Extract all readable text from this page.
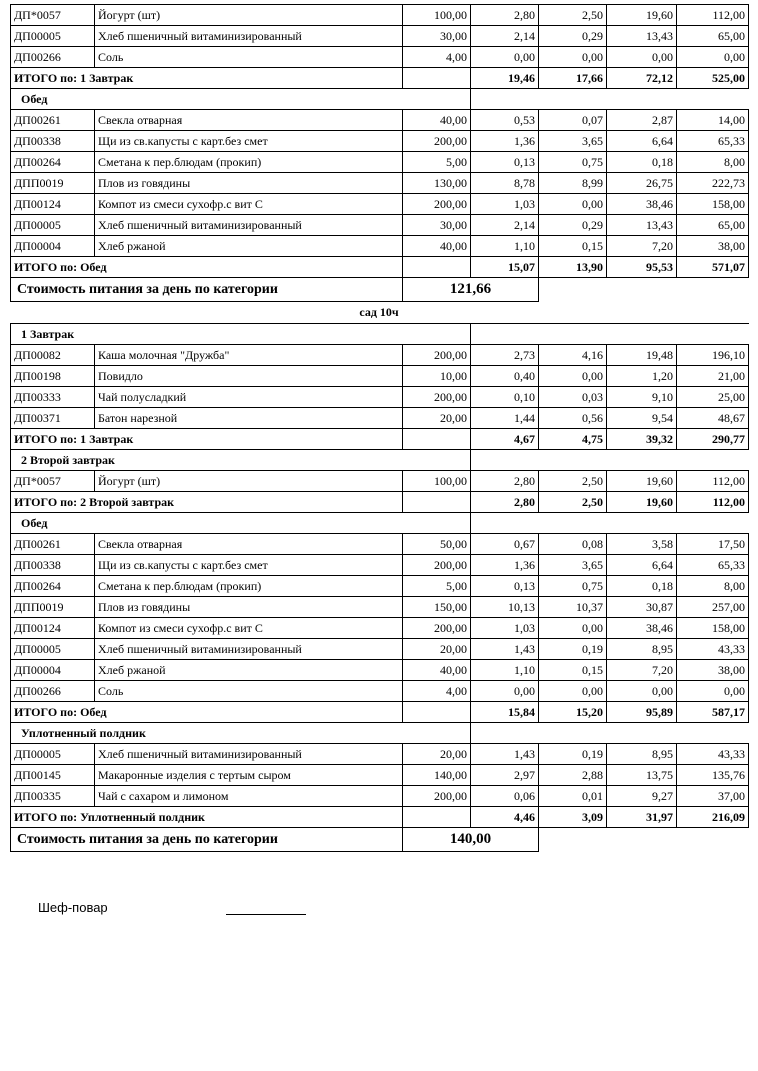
ДП*0057	Йогурт (шт)	100,00	2,80	2,50	19,60	112,00
ДП00005	Хлеб пшеничный витаминизированный	30,00	2,14	0,29	13,43	65,00
ДП00266	Соль	4,00	0,00	0,00	0,00	0,00
ИТОГО по: 1 Завтрак			19,46	17,66	72,12	525,00
Обед						
ДП00261	Свекла отварная	40,00	0,53	0,07	2,87	14,00
ДП00338	Щи из св.капусты с карт.без смет	200,00	1,36	3,65	6,64	65,33
ДП00264	Сметана к пер.блюдам (прокип)	5,00	0,13	0,75	0,18	8,00
ДПП0019	Плов из говядины	130,00	8,78	8,99	26,75	222,73
ДП00124	Компот из смеси сухофр.с вит С	200,00	1,03	0,00	38,46	158,00
ДП00005	Хлеб пшеничный витаминизированный	30,00	2,14	0,29	13,43	65,00
ДП00004	Хлеб ржаной	40,00	1,10	0,15	7,20	38,00
ИТОГО по: Обед			15,07	13,90	95,53	571,07
Стоимость питания за день по категории		121,66				
сад 10ч
1 Завтрак						
ДП00082	Каша молочная "Дружба"	200,00	2,73	4,16	19,48	196,10
ДП00198	Повидло	10,00	0,40	0,00	1,20	21,00
ДП00333	Чай полусладкий	200,00	0,10	0,03	9,10	25,00
ДП00371	Батон нарезной	20,00	1,44	0,56	9,54	48,67
ИТОГО по: 1 Завтрак			4,67	4,75	39,32	290,77
2 Второй завтрак						
ДП*0057	Йогурт (шт)	100,00	2,80	2,50	19,60	112,00
ИТОГО по: 2 Второй завтрак			2,80	2,50	19,60	112,00
Обед						
ДП00261	Свекла отварная	50,00	0,67	0,08	3,58	17,50
ДП00338	Щи из св.капусты с карт.без смет	200,00	1,36	3,65	6,64	65,33
ДП00264	Сметана к пер.блюдам (прокип)	5,00	0,13	0,75	0,18	8,00
ДПП0019	Плов из говядины	150,00	10,13	10,37	30,87	257,00
ДП00124	Компот из смеси сухофр.с вит С	200,00	1,03	0,00	38,46	158,00
ДП00005	Хлеб пшеничный витаминизированный	20,00	1,43	0,19	8,95	43,33
ДП00004	Хлеб ржаной	40,00	1,10	0,15	7,20	38,00
ДП00266	Соль	4,00	0,00	0,00	0,00	0,00
ИТОГО по: Обед			15,84	15,20	95,89	587,17
Уплотненный полдник						
ДП00005	Хлеб пшеничный витаминизированный	20,00	1,43	0,19	8,95	43,33
ДП00145	Макаронные изделия с тертым сыром	140,00	2,97	2,88	13,75	135,76
ДП00335	Чай с сахаром и лимоном	200,00	0,06	0,01	9,27	37,00
ИТОГО по: Уплотненный полдник			4,46	3,09	31,97	216,09
Стоимость питания за день по категории		140,00				
Шеф-повар
